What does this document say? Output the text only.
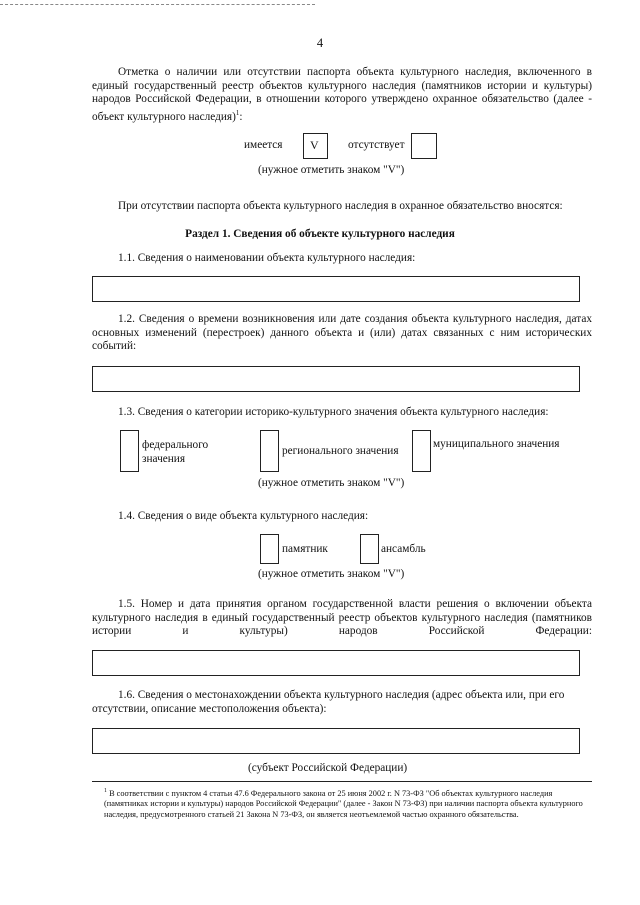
4

Отметка о наличии или отсутствии паспорта объекта культурного наследия, включенного в единый государственный реестр объектов культурного наследия (памятников истории и культуры) народов Российской Федерации, в отношении которого утверждено охранное обязательство (далее - объект культурного наследия)$^1$:

имеется V	отсутствует
(нужное отметить знаком "V")

При отсутствии паспорта объекта культурного наследия в охранное обязательство вносятся:

Раздел 1. Сведения об объекте культурного наследия

1.1. Сведения о наименовании объекта культурного наследия:

1.2. Сведения о времени возникновения или дате создания объекта культурного наследия, датах основных изменений (перестроек) данного объекта и (или) датах связанных с ним исторических событий:

1.3. Сведения о категории историко-культурного значения объекта культурного наследия:

федерального
значения
регионального значения
муниципального значения
(нужное отметить знаком "V")

1.4. Сведения о виде объекта культурного наследия:

памятник	ансамбль
(нужное отметить знаком "V")

1.5. Номер и дата принятия органом государственной власти решения о включении объекта культурного наследия в единый государственный реестр объектов культурного наследия (памятников истории и культуры) народов Российской Федерации:

1.6. Сведения о местонахождении объекта культурного наследия (адрес объекта или, при его отсутствии, описание местоположения объекта):

(субъект Российской Федерации)

$^1$ В соответствии с пунктом 4 статьи 47.6 Федерального закона от 25 июня 2002 г. N 73-ФЗ "Об объектах культурного наследия (памятниках истории и культуры) народов Российской Федерации" (далее - Закон N 73-ФЗ) при наличии паспорта объекта культурного наследия, предусмотренного статьей 21 Закона N 73-ФЗ, он является неотъемлемой частью охранного обязательства.
